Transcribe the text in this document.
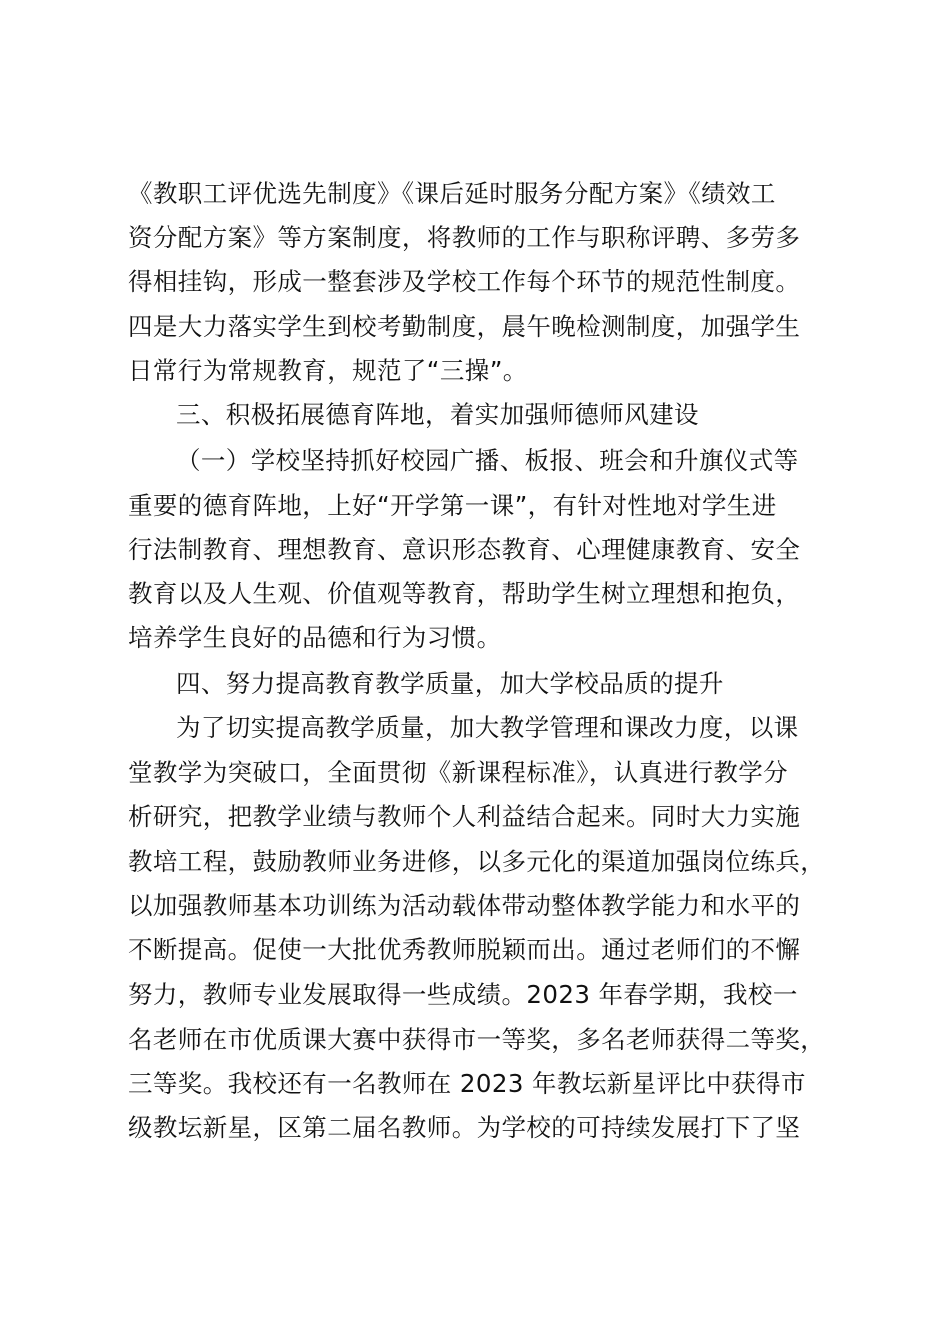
《教职工评优选先制度》《课后延时服务分配方案》《绩效工
资分配方案》等方案制度，将教师的工作与职称评聘、多劳多
得相挂钩，形成一整套涉及学校工作每个环节的规范性制度。
四是大力落实学生到校考勤制度，晨午晚检测制度，加强学生
日常行为常规教育，规范了“三操”。
三、积极拓展德育阵地，着实加强师德师风建设
（一）学校坚持抓好校园广播、板报、班会和升旗仪式等
重要的德育阵地，上好“开学第一课”，有针对性地对学生进
行法制教育、理想教育、意识形态教育、心理健康教育、安全
教育以及人生观、价值观等教育，帮助学生树立理想和抱负，
培养学生良好的品德和行为习惯。
四、努力提高教育教学质量，加大学校品质的提升
为了切实提高教学质量，加大教学管理和课改力度，以课
堂教学为突破口，全面贯彻《新课程标准》，认真进行教学分
析研究，把教学业绩与教师个人利益结合起来。同时大力实施
教培工程，鼓励教师业务进修，以多元化的渠道加强岗位练兵，
以加强教师基本功训练为活动载体带动整体教学能力和水平的
不断提高。促使一大批优秀教师脱颖而出。通过老师们的不懈
努力，教师专业发展取得一些成绩。2023 年春学期，我校一
名老师在市优质课大赛中获得市一等奖，多名老师获得二等奖，
三等奖。我校还有一名教师在 2023 年教坛新星评比中获得市
级教坛新星，区第二届名教师。为学校的可持续发展打下了坚
